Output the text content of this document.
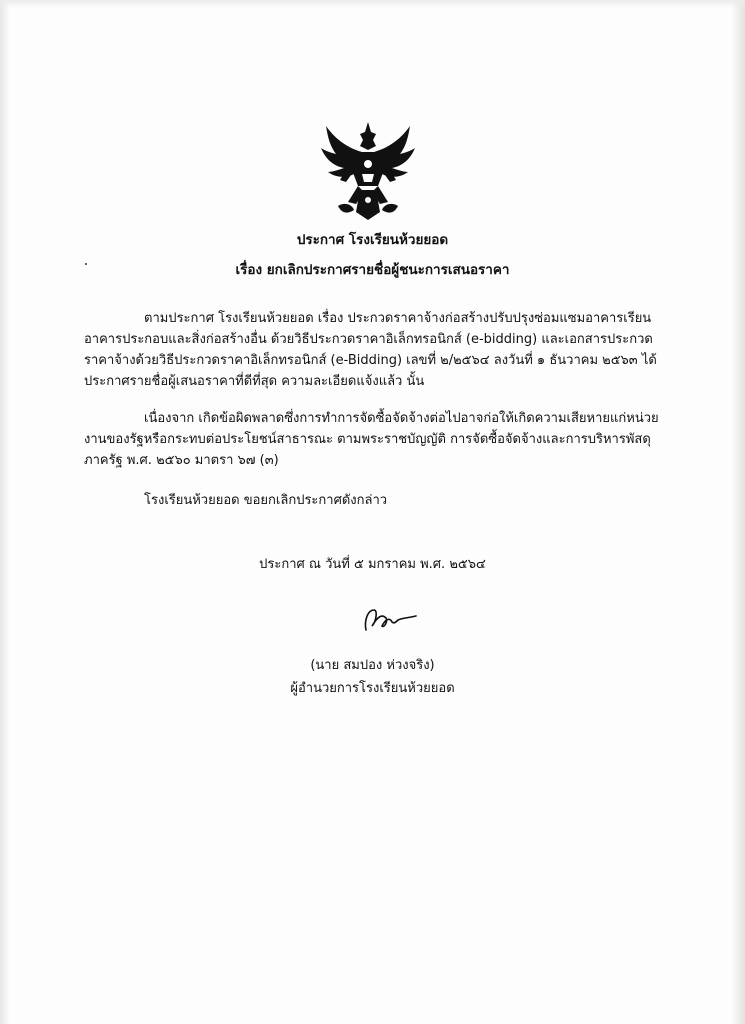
ประกาศ โรงเรียนห้วยยอด
เรื่อง ยกเลิกประกาศรายชื่อผู้ชนะการเสนอราคา

ตามประกาศ โรงเรียนห้วยยอด เรื่อง ประกวดราคาจ้างก่อสร้างปรับปรุงซ่อมแซมอาคารเรียนอาคารประกอบและสิ่งก่อสร้างอื่น ด้วยวิธีประกวดราคาอิเล็กทรอนิกส์ (e-bidding) และเอกสารประกวดราคาจ้างด้วยวิธีประกวดราคาอิเล็กทรอนิกส์ (e-Bidding) เลขที่ ๒/๒๕๖๔ ลงวันที่ ๑ ธันวาคม ๒๕๖๓ ได้ประกาศรายชื่อผู้เสนอราคาที่ดีที่สุด ความละเอียดแจ้งแล้ว นั้น

เนื่องจาก เกิดข้อผิดพลาดซึ่งการทำการจัดซื้อจัดจ้างต่อไปอาจก่อให้เกิดความเสียหายแก่หน่วยงานของรัฐหรือกระทบต่อประโยชน์สาธารณะ ตามพระราชบัญญัติ การจัดซื้อจัดจ้างและการบริหารพัสดุภาครัฐ พ.ศ. ๒๕๖๐ มาตรา ๖๗ (๓)

โรงเรียนห้วยยอด ขอยกเลิกประกาศดังกล่าว

ประกาศ ณ วันที่ ๕ มกราคม พ.ศ. ๒๕๖๔
(นาย สมปอง ห่วงจริง)
ผู้อำนวยการโรงเรียนห้วยยอด
